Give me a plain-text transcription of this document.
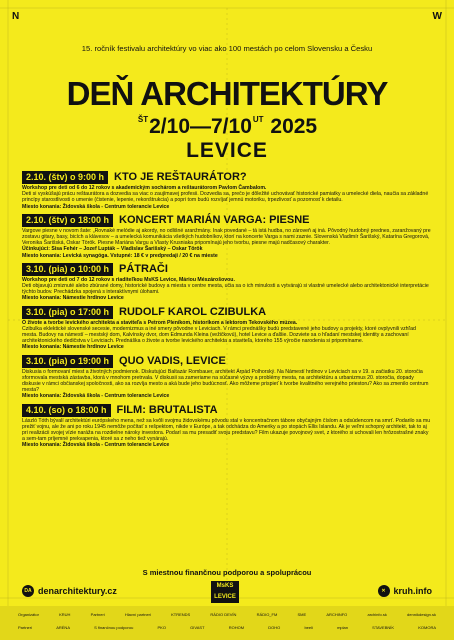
N	W
15. ročník festivalu architektúry vo viac ako 100 mestách po celom Slovensku a Česku
DEŇ ARCHITEKTÚRY
$^{ŠT}2/10—7/10^{UT}$ 2025
LEVICE
2.10. (štv) o 9:00 h KTO JE REŠTAURÁTOR?
Workshop pre deti od 6 do 12 rokov s akademickým sochárom a reštaurátorom Pavlom Čambalom.
Deti si vyskúšajú prácu reštaurátora a dozvedia sa viac o zaujímavej profesii. Dozvedia sa, prečo je dôležité uchovávať historické pamiatky a umelecké diela, naučia sa základné princípy starostlivosti o umenie (čistenie, lepenie, rekonštrukcia) a popri tom budú rozvíjať jemnú motoriku, trpezlivosť a pozornosť k detailu.
Miesto konania: Židovská škola - Centrum tolerancie Levice
2.10. (štv) o 18:00 h KONCERT MARIÁN VARGA: PIESNE
Vargove piesne v novom šate: „Rovnaké melódie aj akordy, no odlišné aranžmány. Inak povedané – tá istá hudba, no zároveň aj iná. Pôvodný hudobný prednes, zaranžovaný pre zostavu gitary, basy, bicích a klávesov – a umelecká komunikácia všetkých hudobníkov, ktorí na koncerte Varga s nami zaznie. Slovenská Vladimír Šarišský, Katarína Gregorová, Veronika Šarišská, Oskar Török. Piesne Mariána Vargu a Vlasty Krusniaka pripomínajú jeho tvorbu, piesne majú nadčasový charakter.
Účinkujúci: Sisa Fehér – Jozef Lupták – Vladislav Šarišský – Oskar Török
Miesto konania: Levická synagóga. Vstupné: 18 € v predpredaji / 20 € na mieste
3.10. (pia) o 10:00 h PÁTRAČI
Workshop pre deti od 7 do 12 rokov s riaditeľkou MsKS Levice, Máriou Mészárošovou.
Deti objavujú zmiznuté alebo zbúrané domy, historické budovy a miesta v centre mesta, učia sa o ich minulosti a vytvárajú si vlastné umelecké alebo architektonické interpretácie týchto budov. Prechádzka spojená s interaktívnymi úlohami.
Miesto konania: Námestie hrdinov Levice
3.10. (pia) o 17:00 h RUDOLF KAROL CZIBULKA
O živote a tvorbe levického architekta a staviteľa s Petrom Pleníkom, historikom a lektorom Tekovského múzea.
Czibulka eklektické slovenské secesie, modernizmus a iné smery pôvodne v Leviciach. V rámci prednášky budú predstavené jeho budovy a projekty, ktoré ovplyvnili vzhľad mesta. Budovy na námestí – mestský dom, Kalvínsky dvor, dom Edmunda Kleina (vežičkovú), hotel Levice a ďalšie. Dozviete sa o hľadaní mestskej identity a zachovaní architektonického dedičstva v Leviciach. Prednáška o živote a tvorbe levického architekta a staviteľa, ktorého 155 výročie narodenia si pripomíname.
Miesto konania: Námestie hrdinov Levice
3.10. (pia) o 19:00 h QUO VADIS, LEVICE
Diskusia o formovaní miest a životných podmienok. Diskutujúci Baltazár Rombauer, architekt Árpád Polhorský. Na Námestí hrdinov v Leviciach sa v 19. a začiatku 20. storočia sformovala mestská zástavba, ktorá v mnohom pretrvala. V diskusii sa zameriame na súčasné výzvy a problémy mesta, na architektúru a urbanizmus 20. storočia, dopady diskusie v rámci občianskej spoločnosti, ako sa rozvíja mesto a aká bude jeho budúcnosť. Ako môžeme prispieť k tvorbe kvalitného verejného priestoru? Ako sa zmenilo centrum mesta?
Miesto konania: Židovská škola - Centrum tolerancie Levice
4.10. (so) o 18:00 h FILM: BRUTALISTA
László Tóth bývalí architektúri európskeho mena, než sa kvôli svojmu židovskému pôvodu stal v koncentračnom tábore obyčajným číslom a odsúdencom na smrť. Podarilo sa mu prežiť vojnu, ale že ani po roku 1945 nemôže počítať s rešpektom, nikde v Európe, a tak odchádza do Ameriky a po stopách Ellis Islandu. Ak je veľmi schopný architekt, tak to aj pri realizácii svojej vízie naráža na rozdielne nároky investora. Podarí sa mu presadiť svoju predstavu? Film ukazuje povojnový svet, z ktorého si uchovali len hrôzostrašné znaky a sem-tam príjemné prekvapenia, ktoré sa z neho tiež vynárajú.
Miesto konania: Židovská škola - Centrum tolerancie Levice
S miestnou finančnou podporou a spoluprácou
MsKS
LEVICE
DA denarchitektury.cz	✕ kruh.info
Organizátor	KRUH	Partneri	Hlavní partneri	KTRENDS	RÁDIO DEVÍN	RÁDIO_FM	SME	ARCHINFO	archinfo.sk	denníkdesign.sk
Partneri	ARĖNA	S finančnou podporou	PKO	GIVAST	ROHOM	DOHO	beeli	mplan	STAVEBNÍK	KOMORA
